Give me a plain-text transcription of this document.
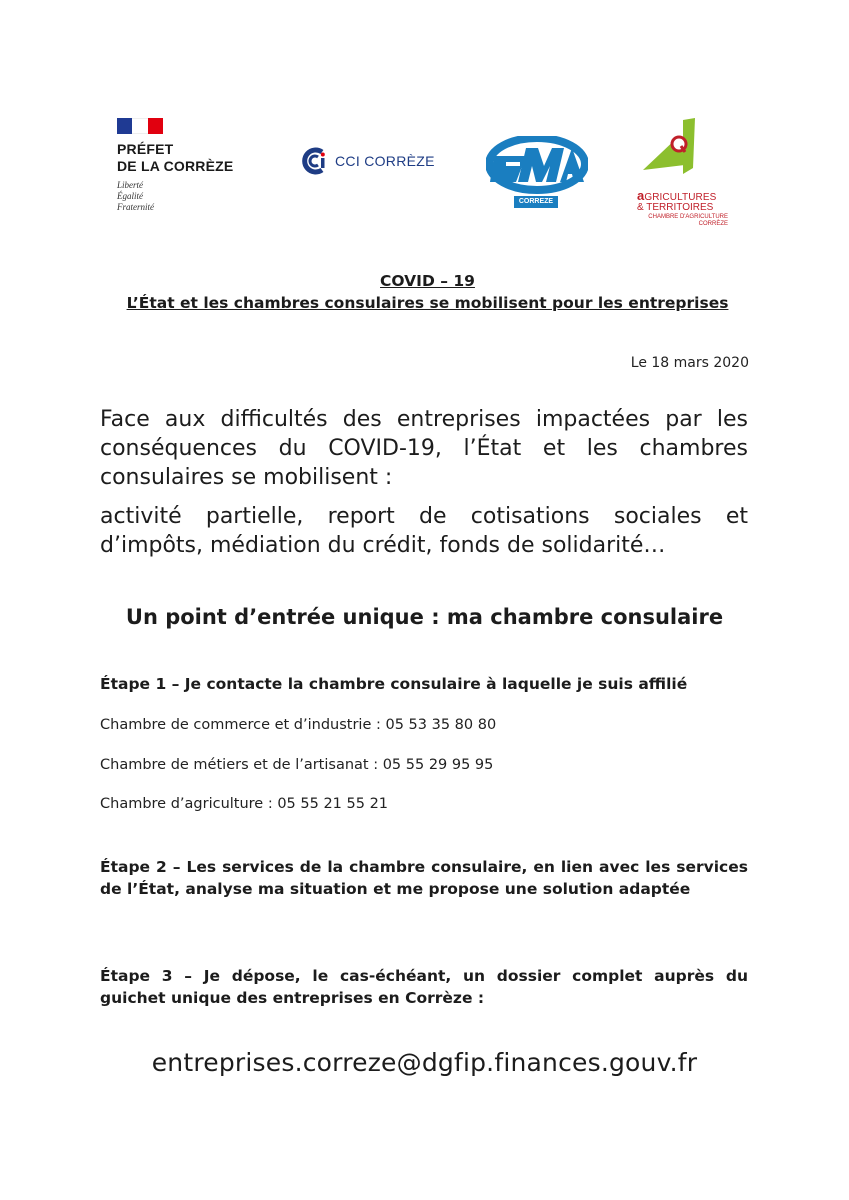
PRÉFET
DE LA CORRÈZE
Liberté
Égalité
Fraternité
CCI CORRÈZE
CORREZE	aGRICULTURES
& TERRITOIRES
CHAMBRE D'AGRICULTURE
CORRÈZE
COVID – 19
L’État et les chambres consulaires se mobilisent pour les entreprises
Le 18 mars 2020

Face aux difficultés des entreprises impactées par les conséquences du COVID-19, l’État et les chambres consulaires se mobilisent :

activité partielle, report de cotisations sociales et d’impôts, médiation du crédit, fonds de solidarité…

Un point d’entrée unique : ma chambre consulaire
Étape 1 – Je contacte la chambre consulaire à laquelle je suis affilié
Chambre de commerce et d’industrie : 05 53 35 80 80
Chambre de métiers et de l’artisanat : 05 55 29 95 95
Chambre d’agriculture : 05 55 21 55 21

Étape 2 – Les services de la chambre consulaire, en lien avec les services de l’État, analyse ma situation et me propose une solution adaptée

Étape 3 – Je dépose, le cas-échéant, un dossier complet auprès du guichet unique des entreprises en Corrèze :

entreprises.correze@dgfip.finances.gouv.fr
